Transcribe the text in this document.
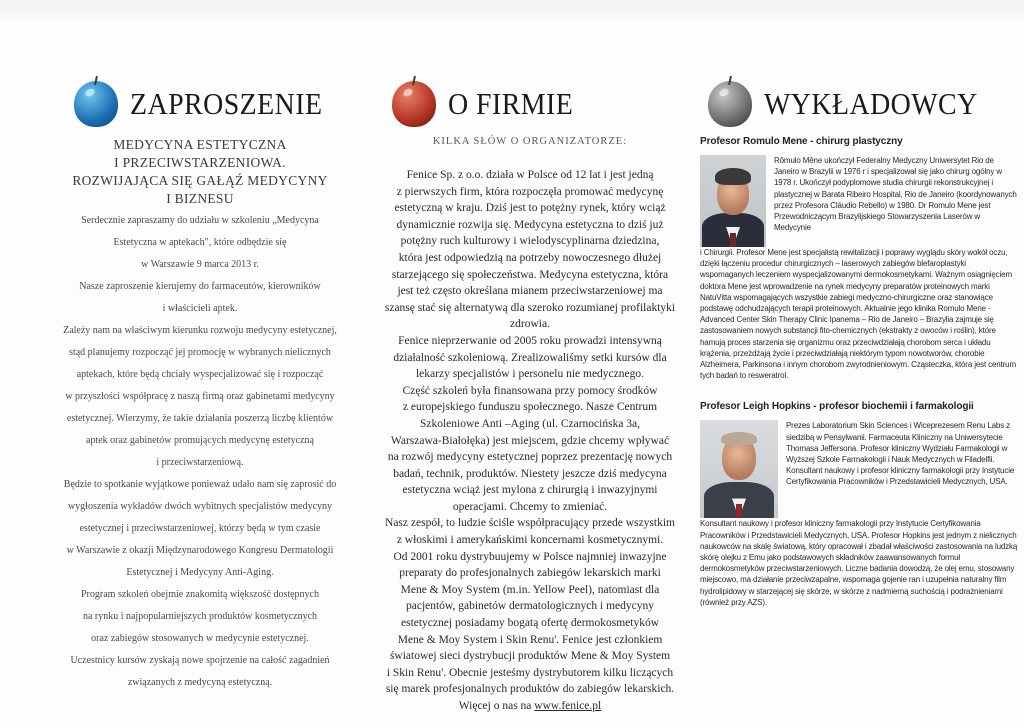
ZAPROSZENIE
MEDYCYNA ESTETYCZNA
I PRZECIWSTARZENIOWA.
ROZWIJAJĄCA SIĘ GAŁĄŹ MEDYCYNY
I BIZNESU
Serdecznie zapraszamy do udziału w szkoleniu „Medycyna
Estetyczna w aptekach", które odbędzie się
w Warszawie 9 marca 2013 r.
Nasze zaproszenie kierujemy do farmaceutów, kierowników
i właścicieli aptek.
Zależy nam na właściwym kierunku rozwoju medycyny estetycznej,
stąd planujemy rozpocząć jej promocję w wybranych nielicznych
aptekach, które będą chciały wyspecjalizować się i rozpocząć
w przyszłości współpracę z naszą firmą oraz gabinetami medycyny
estetycznej. Wierzymy, że takie działania poszerzą liczbę klientów
aptek oraz gabinetów promujących medycynę estetyczną
i przeciwstarzeniową.
Będzie to spotkanie wyjątkowe ponieważ udało nam się zaprosić do
wygłoszenia wykładów dwóch wybitnych specjalistów medycyny
estetycznej i przeciwstarzeniowej, którzy będą w tym czasie
w Warszawie z okazji Międzynarodowego Kongresu Dermatologii
Estetycznej i Medycyny Anti-Aging.
Program szkoleń obejmie znakomitą większość dostępnych
na rynku i najpopularniejszych produktów kosmetycznych
oraz zabiegów stosowanych w medycynie estetycznej.
Uczestnicy kursów zyskają nowe spojrzenie na całość zagadnień
związanych z medycyną estetyczną.
O FIRMIE
KILKA SŁÓW O ORGANIZATORZE:
Fenice Sp. z o.o. działa w Polsce od 12 lat i jest jedną
z pierwszych firm, która rozpoczęła promować medycynę
estetyczną w kraju. Dziś jest to potężny rynek, który wciąż
dynamicznie rozwija się. Medycyna estetyczna to dziś już
potężny ruch kulturowy i wielodyscyplinarna dziedzina,
która jest odpowiedzią na potrzeby nowoczesnego dłużej
starzejącego się społeczeństwa. Medycyna estetyczna, która
jest też często określana mianem przeciwstarzeniowej ma
szansę stać się alternatywą dla szeroko rozumianej profilaktyki
zdrowia.
Fenice nieprzerwanie od 2005 roku prowadzi intensywną
działalność szkoleniową. Zrealizowaliśmy setki kursów dla
lekarzy specjalistów i personelu nie medycznego.
Część szkoleń była finansowana przy pomocy środków
z europejskiego funduszu społecznego. Nasze Centrum
Szkoleniowe Anti –Aging (ul. Czarnocińska 3a,
Warszawa-Białołęka) jest miejscem, gdzie chcemy wpływać
na rozwój medycyny estetycznej poprzez prezentację nowych
badań, technik, produktów. Niestety jeszcze dziś medycyna
estetyczna wciąż jest mylona z chirurgią i inwazyjnymi
operacjami. Chcemy to zmieniać.
Nasz zespół, to ludzie ściśle współpracujący przede wszystkim
z włoskimi i amerykańskimi koncernami kosmetycznymi.
Od 2001 roku dystrybuujemy w Polsce najmniej inwazyjne
preparaty do profesjonalnych zabiegów lekarskich marki
Mene & Moy System (m.in. Yellow Peel), natomiast dla
pacjentów, gabinetów dermatologicznych i medycyny
estetycznej posiadamy bogatą ofertę dermokosmetyków
Mene & Moy System i Skin Renu'. Fenice jest członkiem
światowej sieci dystrybucji produktów Mene & Moy System
i Skin Renu'. Obecnie jesteśmy dystrybutorem kilku liczących
się marek profesjonalnych produktów do zabiegów lekarskich.
Więcej o nas na www.fenice.pl
WYKŁADOWCY
Profesor Romulo Mene - chirurg plastyczny
Rômulo Mêne ukończył Federalny Medyczny Uniwersytet Rio de Janeiro w Brazylii w 1976 r i specjalizował się jako chirurg ogólny w 1978 r. Ukończył podyplomowe studia chirurgii rekonstrukcyjnej i plastycznej w Barata Ribeiro Hospital, Rio de Janeiro (koordynowanych przez Profesora Cláudio Rebello) w 1980. Dr Romulo Mene jest Przewodniczącym Brazylijskiego Stowarzyszenia Laserów w Medycynie
i Chirurgii. Profesor Mene jest specjalistą rewitalizacji i poprawy wyglądu skóry wokół oczu, dzięki łączeniu procedur chirurgicznych – laserowych zabiegów blefaroplastyki wspomaganych leczeniem wyspecjalizowanymi dermokosmetykami. Ważnym osiągnięciem doktora Mene jest wprowadzenie na rynek medycyny preparatów proteinowych marki NatuVitta wspomagających wszystkie zabiegi medyczno-chirurgiczne oraz stanowiące podstawę odchudzających terapii proteinowych. Aktualnie jego klinika Romulo Mene - Advanced Center Skin Therapy Clinic Ipanema – Rio de Janeiro – Brazylia zajmuje się zastosowaniem nowych substancji fito-chemicznych (ekstrakty z owoców i roślin), które hamują proces starzenia się organizmu oraz przeciwdziałają chorobom serca i układu krążenia, przeżdżają życie i przeciwdziałają niektórym typom nowotworów, chorobie Alzheimera, Parkinsona i innym chorobom zwyrodnieniowym. Cząsteczka, która jest centrum tych badań to resweratrol.
Profesor Leigh Hopkins - profesor biochemii i farmakologii
Prezes Laboratorium Skin Sciences i Wiceprezesem Renu Labs z siedzibą w Pensylwanii. Farmaceuta Kliniczny na Uniwersytecie Thomasa Jeffersona. Profesor kliniczny Wydziału Farmakologii w Wyższej Szkole Farmakologii i Nauk Medycznych w Filadelfii. Konsultant naukowy i profesor kliniczny farmakologii przy Instytucie Certyfikowania Pracowników i Przedstawicieli Medycznych, USA.
Konsultant naukowy i profesor kliniczny farmakologii przy Instytucie Certyfikowania Pracowników i Przedstawicieli Medycznych, USA. Profesor Hopkins jest jednym z nielicznych naukowców na skalę światową, który opracował i zbadał właściwości zastosowania na ludzką skórę olejku z Emu jako podstawowych składników zaawansowanych formuł dermokosmetyków przeciwstarzeniowych. Liczne badania dowodzą, że olej emu, stosowany miejscowo, ma działanie przeciwzapalne, wspomaga gojenie ran i uzupełnia naturalny film hydrolipidowy w starzejącej się skórze, w skórze z nadmierną suchością i podrażnieniami (również przy AZS).
